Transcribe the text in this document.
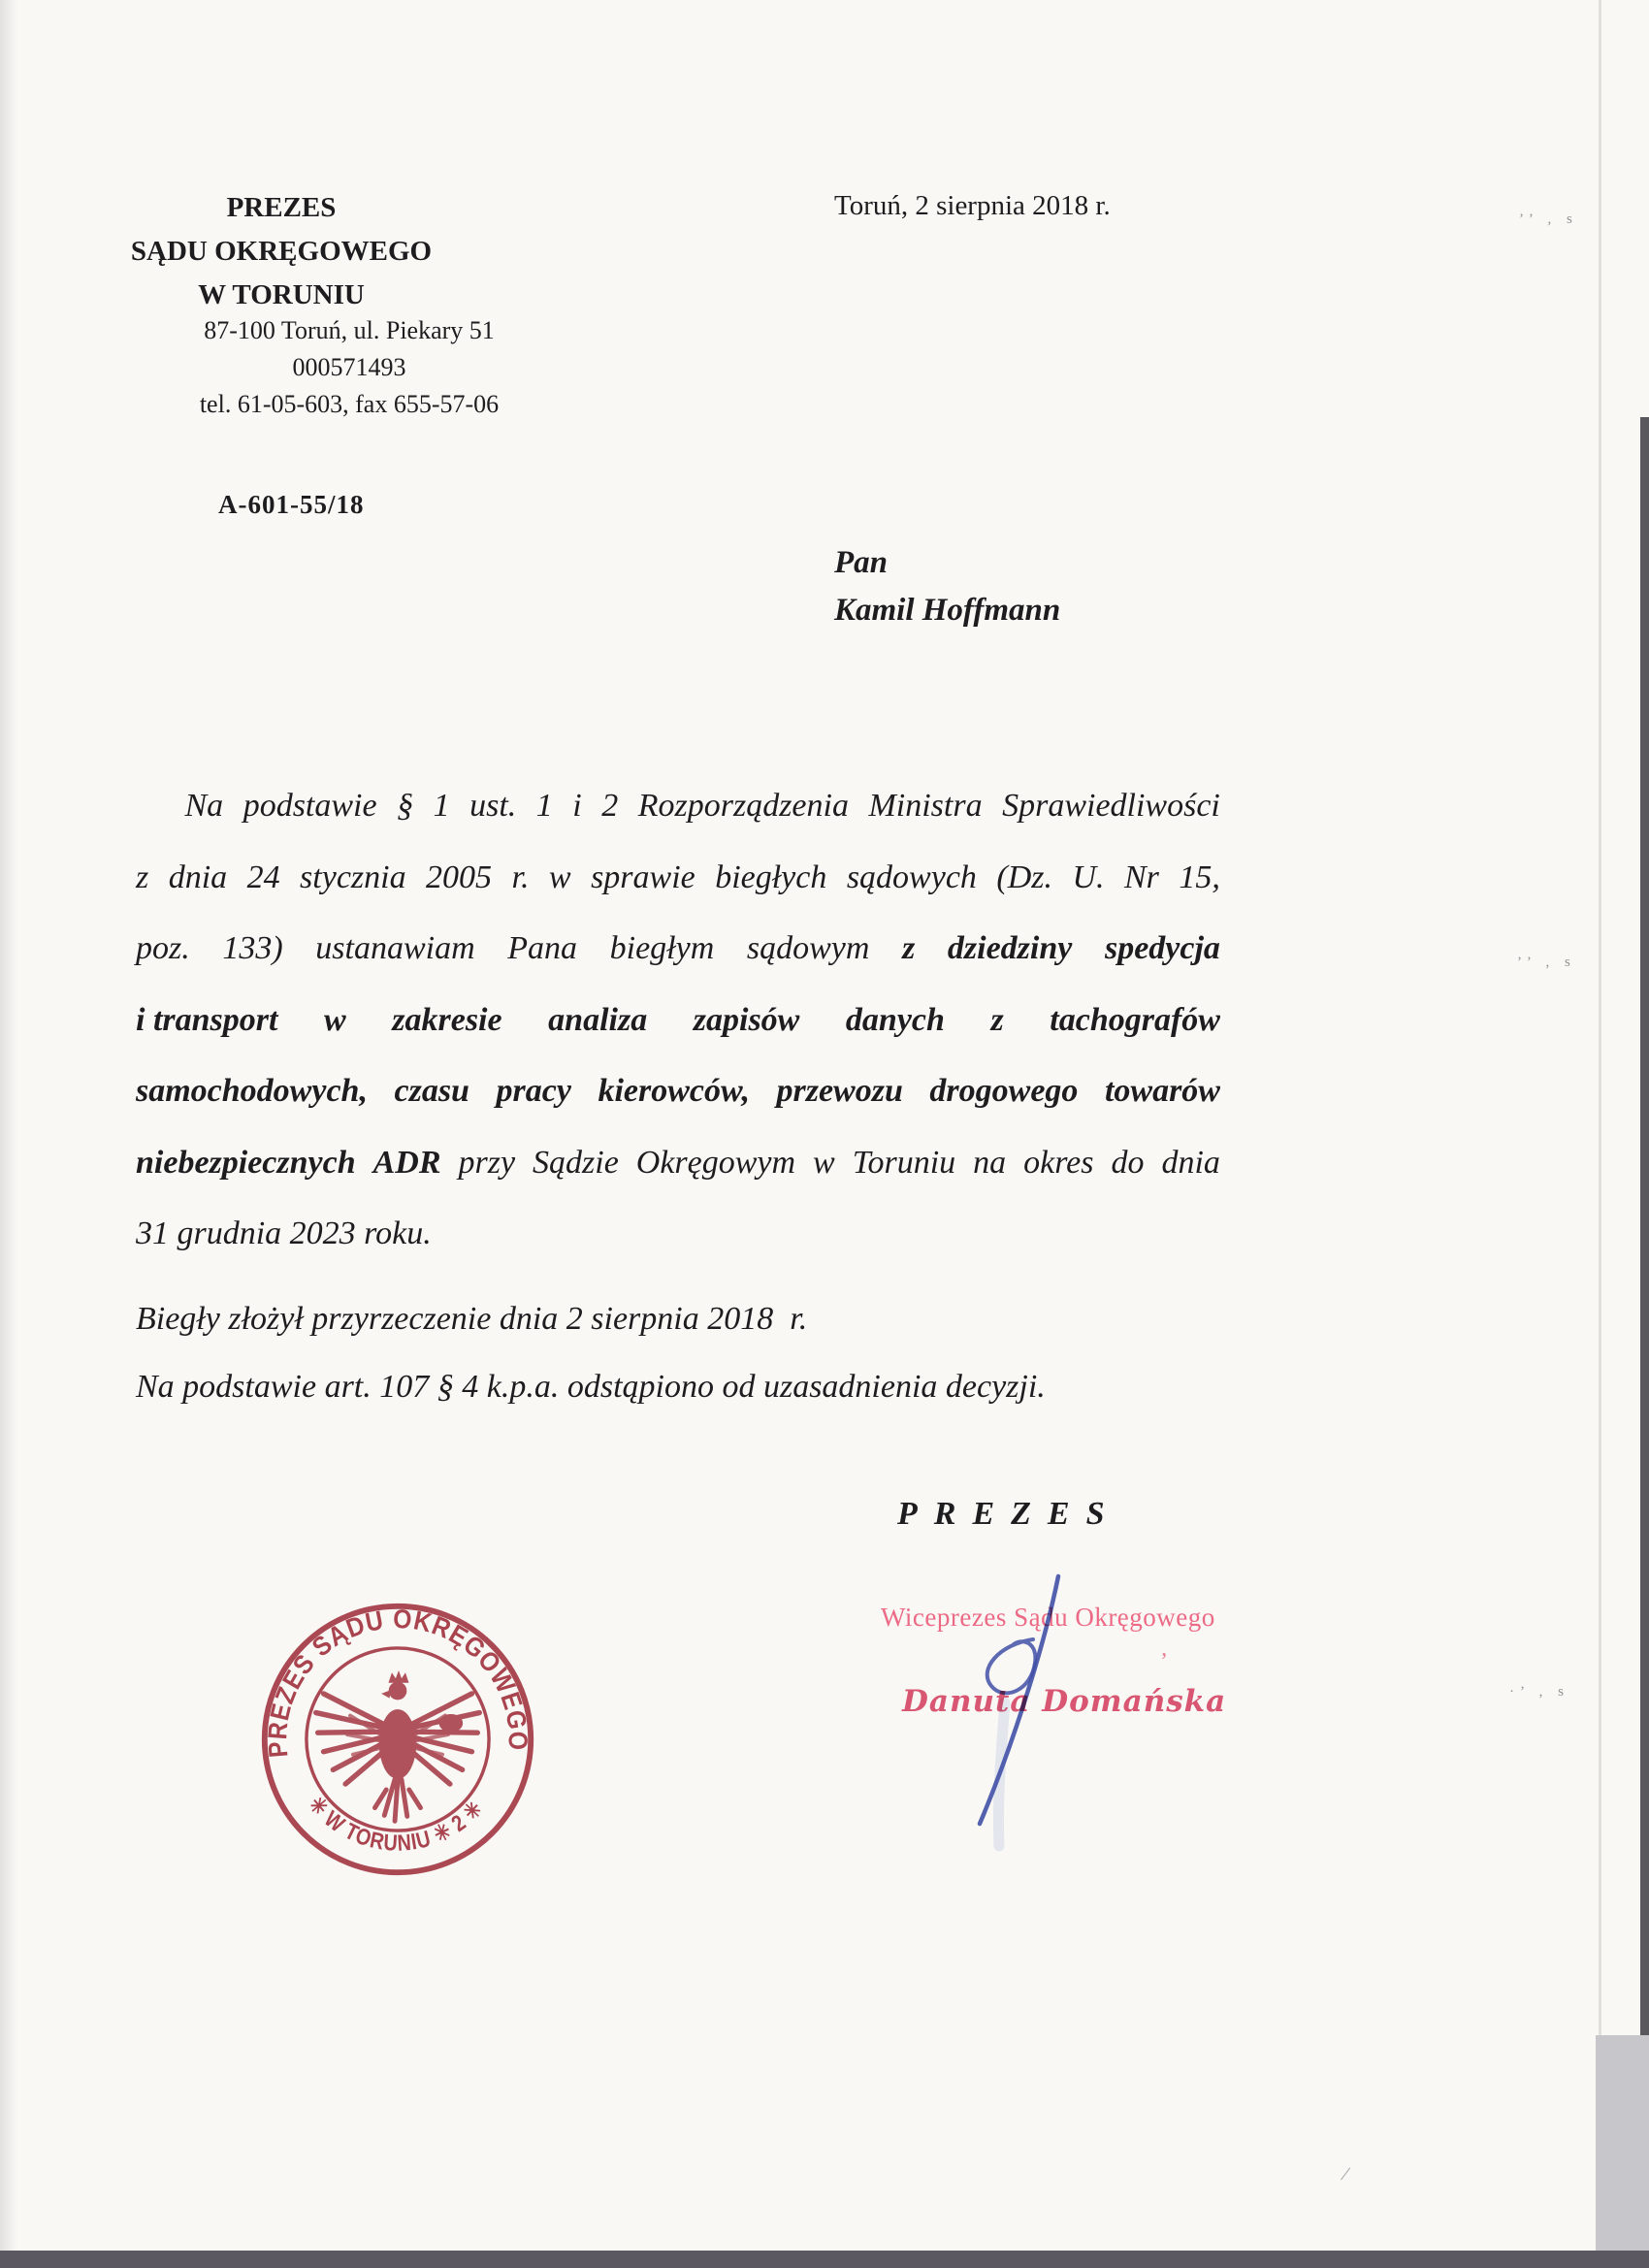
PREZES
SĄDU OKRĘGOWEGO
W TORUNIU
87-100 Toruń, ul. Piekary 51
000571493
tel. 61-05-603, fax 655-57-06
Toruń, 2 sierpnia 2018 r.
A-601-55/18
Pan
Kamil Hoffmann
Na podstawie § 1 ust. 1 i 2 Rozporządzenia Ministra Sprawiedliwości
z dnia 24 stycznia 2005 r. w sprawie biegłych sądowych (Dz. U. Nr 15,
poz. 133) ustanawiam Pana biegłym sądowym z dziedziny spedycja
i transport w zakresie analiza zapisów danych z tachografów
samochodowych, czasu pracy kierowców, przewozu drogowego towarów
niebezpiecznych ADR przy Sądzie Okręgowym w Toruniu na okres do dnia
31 grudnia 2023 roku.
Biegły złożył przyrzeczenie dnia 2 sierpnia 2018  r.
Na podstawie art. 107 § 4 k.p.a. odstąpiono od uzasadnienia decyzji.
PREZES
Wiceprezes Sądu Okręgowego
Danuta Domańska
’
PREZES SĄDU OKRĘGOWEGO
✳ W TORUNIU ✳ 2 ✳
’’ , s
’’ , s
·’ , s
/
